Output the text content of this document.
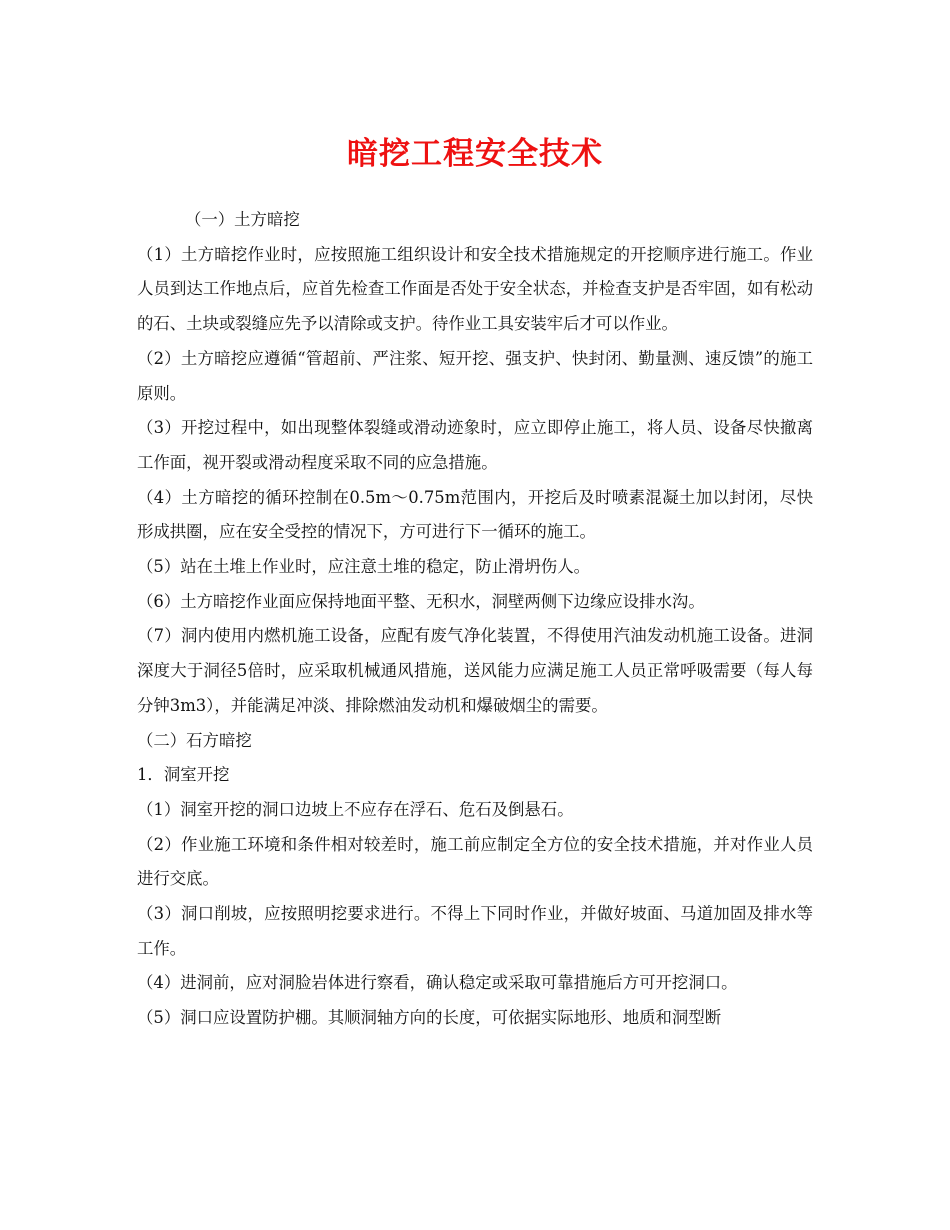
暗挖工程安全技术

（一）土方暗挖

（1）土方暗挖作业时，应按照施工组织设计和安全技术措施规定的开挖顺序进行施工。作业人员到达工作地点后，应首先检查工作面是否处于安全状态，并检查支护是否牢固，如有松动的石、土块或裂缝应先予以清除或支护。待作业工具安装牢后才可以作业。

（2）土方暗挖应遵循“管超前、严注浆、短开挖、强支护、快封闭、勤量测、速反馈”的施工原则。

（3）开挖过程中，如出现整体裂缝或滑动迹象时，应立即停止施工，将人员、设备尽快撤离工作面，视开裂或滑动程度采取不同的应急措施。

（4）土方暗挖的循环控制在0.5m～0.75m范围内，开挖后及时喷素混凝土加以封闭，尽快形成拱圈，应在安全受控的情况下，方可进行下一循环的施工。

（5）站在土堆上作业时，应注意土堆的稳定，防止滑坍伤人。

（6）土方暗挖作业面应保持地面平整、无积水，洞壁两侧下边缘应设排水沟。

（7）洞内使用内燃机施工设备，应配有废气净化装置，不得使用汽油发动机施工设备。进洞深度大于洞径5倍时，应采取机械通风措施，送风能力应满足施工人员正常呼吸需要（每人每分钟3m3），并能满足冲淡、排除燃油发动机和爆破烟尘的需要。

（二）石方暗挖

1．洞室开挖

（1）洞室开挖的洞口边坡上不应存在浮石、危石及倒悬石。

（2）作业施工环境和条件相对较差时，施工前应制定全方位的安全技术措施，并对作业人员进行交底。

（3）洞口削坡，应按照明挖要求进行。不得上下同时作业，并做好坡面、马道加固及排水等工作。

（4）进洞前，应对洞脸岩体进行察看，确认稳定或采取可靠措施后方可开挖洞口。

（5）洞口应设置防护棚。其顺洞轴方向的长度，可依据实际地形、地质和洞型断
